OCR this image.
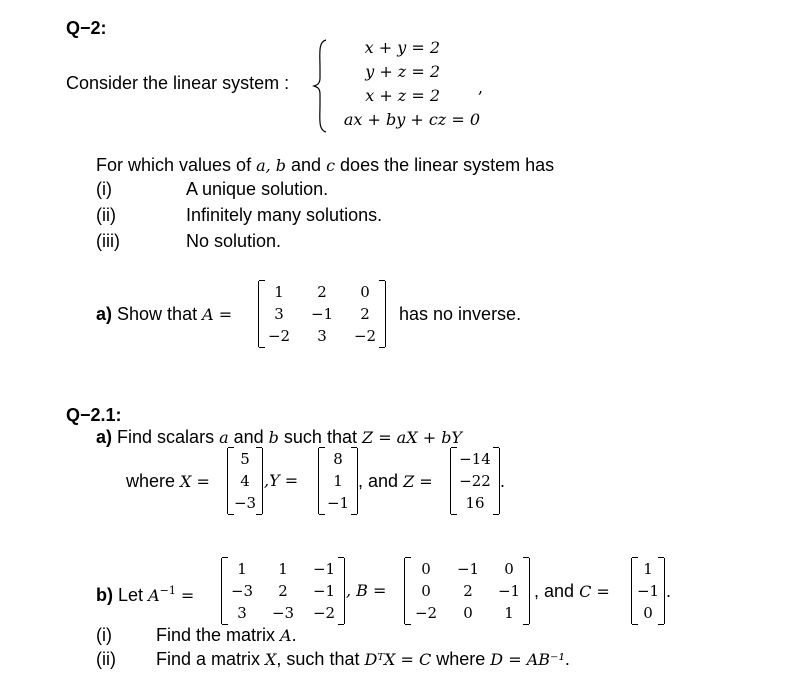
Q−2:
Consider the linear system :
x + y = 2
y + z = 2
x + z = 2
ax + by + cz = 0
,
For which values of a, b and c does the linear system has
(i)	A unique solution.
(ii)	Infinitely many solutions.
(iii)	No solution.
a) Show that A =
1	2	0
3	−1	2
−2	3	−2
has no inverse.
Q−2.1:
a) Find scalars a and b such that Z = aX + bY
where X =
5
4
−3
,Y =
8
1
−1
, and Z =
−14
−22
16
.
b) Let $A^{-1}$ =
1	1	−1
−3	2	−1
3	−3	−2
, B =
0	−1	0
0	2	−1
−2	0	1
, and C =
1
−1
0
.
(i) Find the matrix A.
(ii) Find a matrix X, such that DᵀX = C where D = AB⁻¹.
